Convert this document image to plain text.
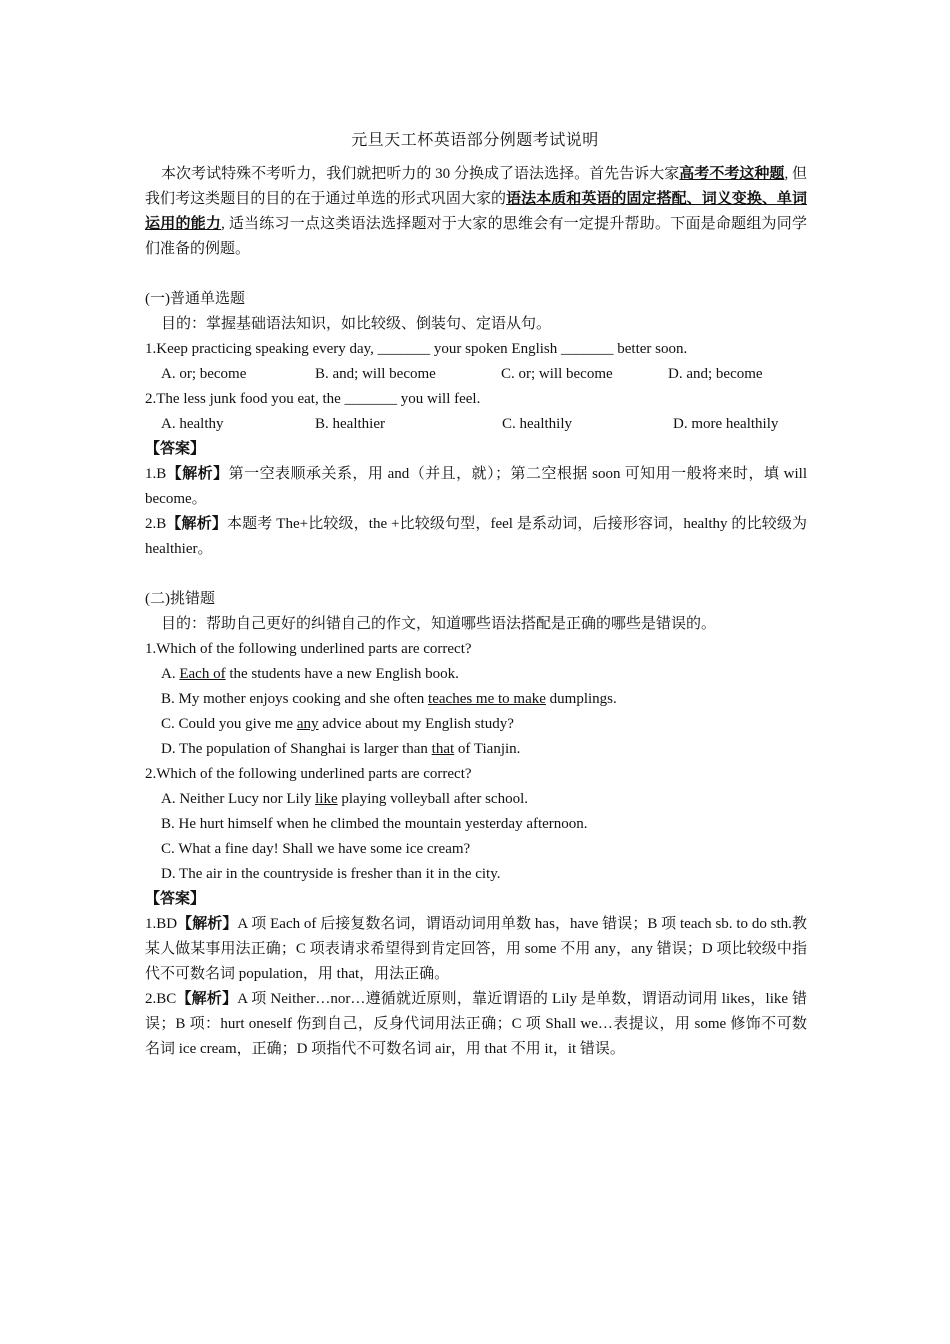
元旦天工杯英语部分例题考试说明
本次考试特殊不考听力，我们就把听力的 30 分换成了语法选择。首先告诉大家高考不考这种题, 但我们考这类题目的目的在于通过单选的形式巩固大家的语法本质和英语的固定搭配、词义变换、单词运用的能力, 适当练习一点这类语法选择题对于大家的思维会有一定提升帮助。下面是命题组为同学们准备的例题。
(一)普通单选题
目的：掌握基础语法知识，如比较级、倒装句、定语从句。
1.Keep practicing speaking every day, _______ your spoken English _______ better soon.
A. or; become	B. and; will become	C. or; will become	D. and; become
2.The less junk food you eat, the _______ you will feel.
A. healthy	B. healthier	C. healthily	D. more healthily
【答案】
1.B【解析】第一空表顺承关系，用 and（并且，就）；第二空根据 soon 可知用一般将来时，填 will become。
2.B【解析】本题考 The+比较级，the +比较级句型，feel 是系动词，后接形容词，healthy 的比较级为 healthier。
(二)挑错题
目的：帮助自己更好的纠错自己的作文，知道哪些语法搭配是正确的哪些是错误的。
1.Which of the following underlined parts are correct?
A. Each of the students have a new English book.
B. My mother enjoys cooking and she often teaches me to make dumplings.
C. Could you give me any advice about my English study?
D. The population of Shanghai is larger than that of Tianjin.
2.Which of the following underlined parts are correct?
A. Neither Lucy nor Lily like playing volleyball after school.
B. He hurt himself when he climbed the mountain yesterday afternoon.
C. What a fine day! Shall we have some ice cream?
D. The air in the countryside is fresher than it in the city.
【答案】
1.BD【解析】A 项 Each of 后接复数名词，谓语动词用单数 has，have 错误；B 项 teach sb. to do sth.教某人做某事用法正确；C 项表请求希望得到肯定回答，用 some 不用 any，any 错误；D 项比较级中指代不可数名词 population，用 that，用法正确。
2.BC【解析】A 项 Neither…nor…遵循就近原则，靠近谓语的 Lily 是单数，谓语动词用 likes，like 错误；B 项：hurt oneself 伤到自己，反身代词用法正确；C 项 Shall we…表提议，用 some 修饰不可数名词 ice cream，正确；D 项指代不可数名词 air，用 that 不用 it，it 错误。
